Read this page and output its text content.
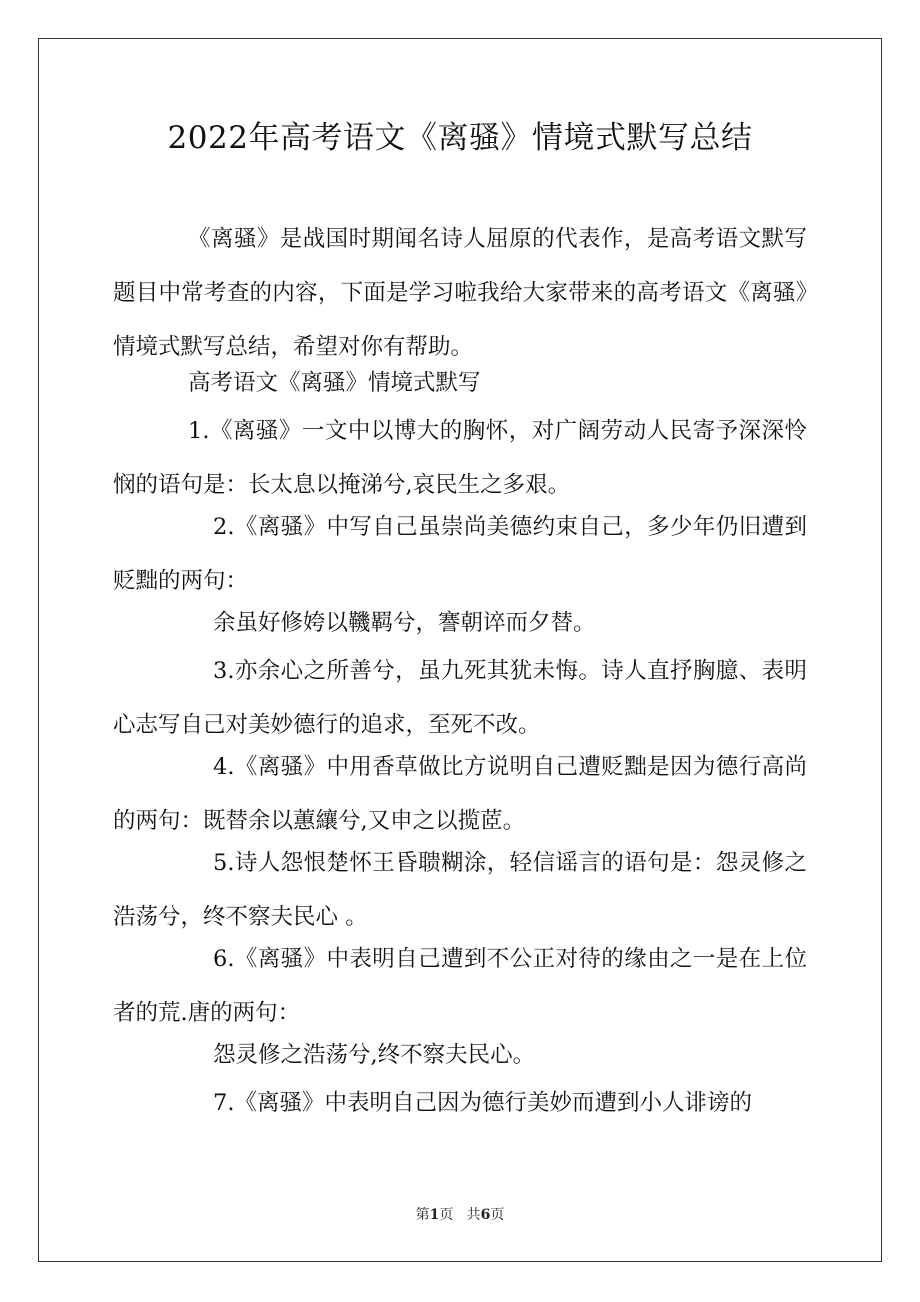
2022年高考语文《离骚》情境式默写总结

《离骚》是战国时期闻名诗人屈原的代表作，是高考语文默写题目中常考查的内容，下面是学习啦我给大家带来的高考语文《离骚》情境式默写总结，希望对你有帮助。

高考语文《离骚》情境式默写

1.《离骚》一文中以博大的胸怀，对广阔劳动人民寄予深深怜悯的语句是：长太息以掩涕兮,哀民生之多艰。

2.《离骚》中写自己虽崇尚美德约束自己，多少年仍旧遭到贬黜的两句：

余虽好修姱以鞿羁兮，謇朝谇而夕替。

3.亦余心之所善兮，虽九死其犹未悔。诗人直抒胸臆、表明心志写自己对美妙德行的追求，至死不改。

4.《离骚》中用香草做比方说明自己遭贬黜是因为德行高尚的两句：既替余以蕙纕兮,又申之以揽茝。

5.诗人怨恨楚怀王昏聩糊涂，轻信谣言的语句是：怨灵修之浩荡兮，终不察夫民心 。

6.《离骚》中表明自己遭到不公正对待的缘由之一是在上位者的荒.唐的两句：

怨灵修之浩荡兮,终不察夫民心。

7.《离骚》中表明自己因为德行美妙而遭到小人诽谤的

第1页 共6页
